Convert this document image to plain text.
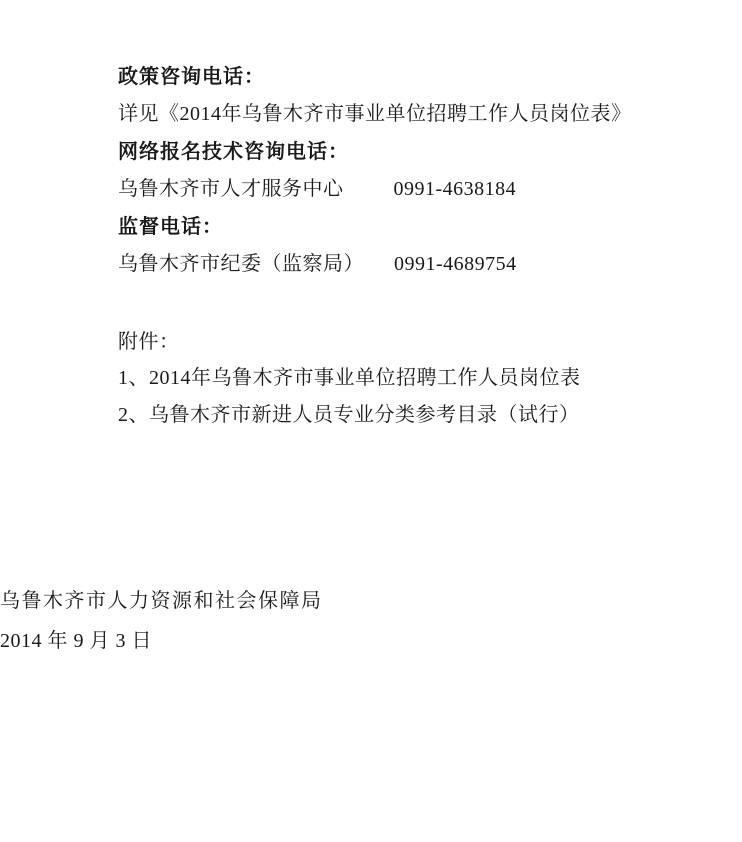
政策咨询电话：

详见《2014年乌鲁木齐市事业单位招聘工作人员岗位表》

网络报名技术咨询电话：

乌鲁木齐市人才服务中心	0991-4638184

监督电话：

乌鲁木齐市纪委（监察局） 0991-4689754

附件：

1、2014年乌鲁木齐市事业单位招聘工作人员岗位表

2、乌鲁木齐市新进人员专业分类参考目录（试行）

乌鲁木齐市人力资源和社会保障局

2014 年 9 月 3 日
